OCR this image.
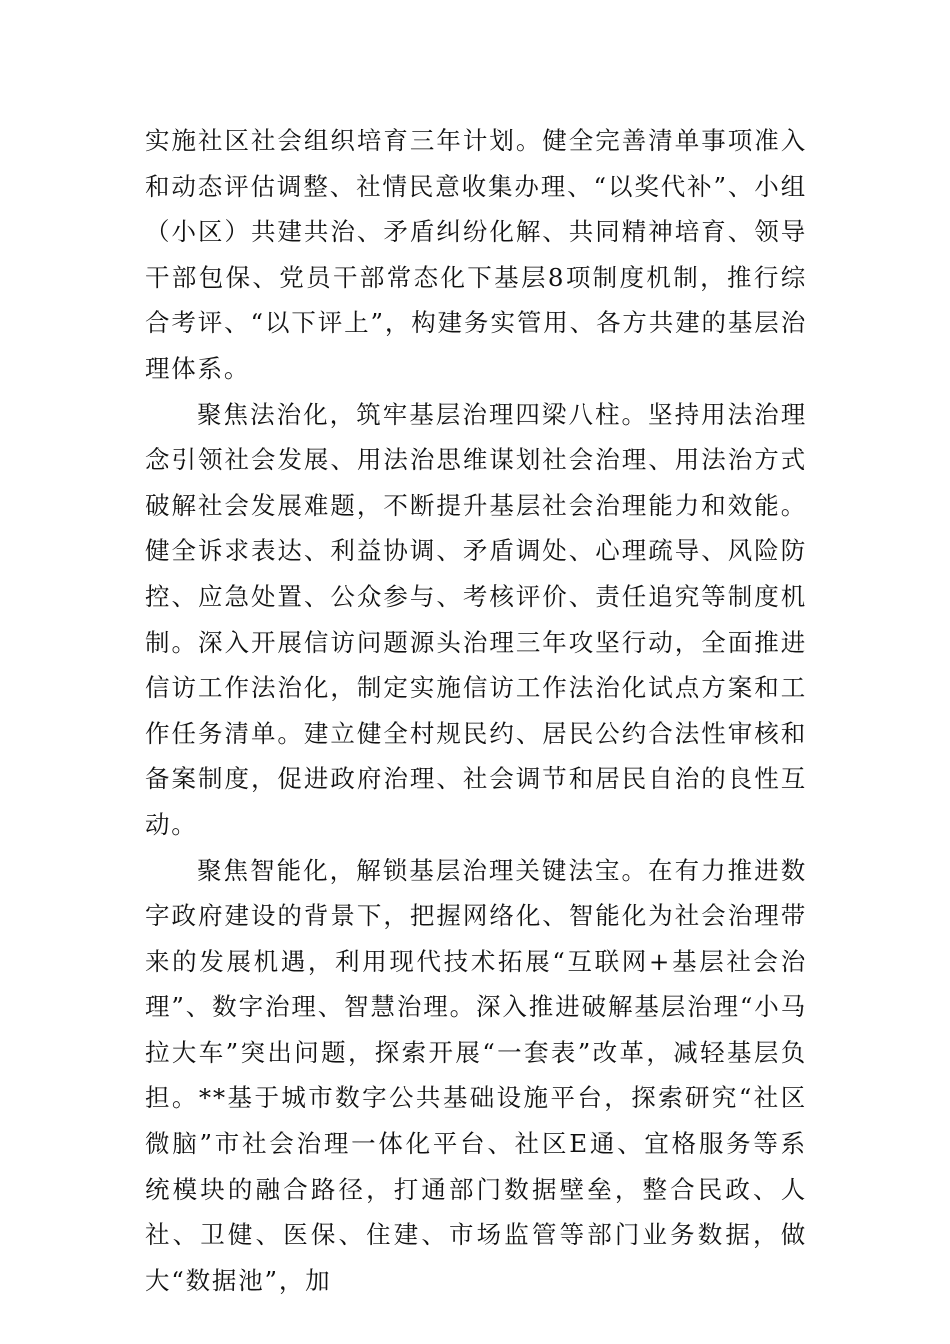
实施社区社会组织培育三年计划。健全完善清单事项准入和动态评估调整、社情民意收集办理、“以奖代补”、小组（小区）共建共治、矛盾纠纷化解、共同精神培育、领导干部包保、党员干部常态化下基层8项制度机制，推行综合考评、“以下评上”，构建务实管用、各方共建的基层治理体系。

聚焦法治化，筑牢基层治理四梁八柱。坚持用法治理念引领社会发展、用法治思维谋划社会治理、用法治方式破解社会发展难题，不断提升基层社会治理能力和效能。健全诉求表达、利益协调、矛盾调处、心理疏导、风险防控、应急处置、公众参与、考核评价、责任追究等制度机制。深入开展信访问题源头治理三年攻坚行动，全面推进信访工作法治化，制定实施信访工作法治化试点方案和工作任务清单。建立健全村规民约、居民公约合法性审核和备案制度，促进政府治理、社会调节和居民自治的良性互动。

聚焦智能化，解锁基层治理关键法宝。在有力推进数字政府建设的背景下，把握网络化、智能化为社会治理带来的发展机遇，利用现代技术拓展“互联网+基层社会治理”、数字治理、智慧治理。深入推进破解基层治理“小马拉大车”突出问题，探索开展“一套表”改革，减轻基层负担。**基于城市数字公共基础设施平台，探索研究“社区微脑”市社会治理一体化平台、社区E通、宜格服务等系统模块的融合路径，打通部门数据壁垒，整合民政、人社、卫健、医保、住建、市场监管等部门业务数据，做大“数据池”，加
